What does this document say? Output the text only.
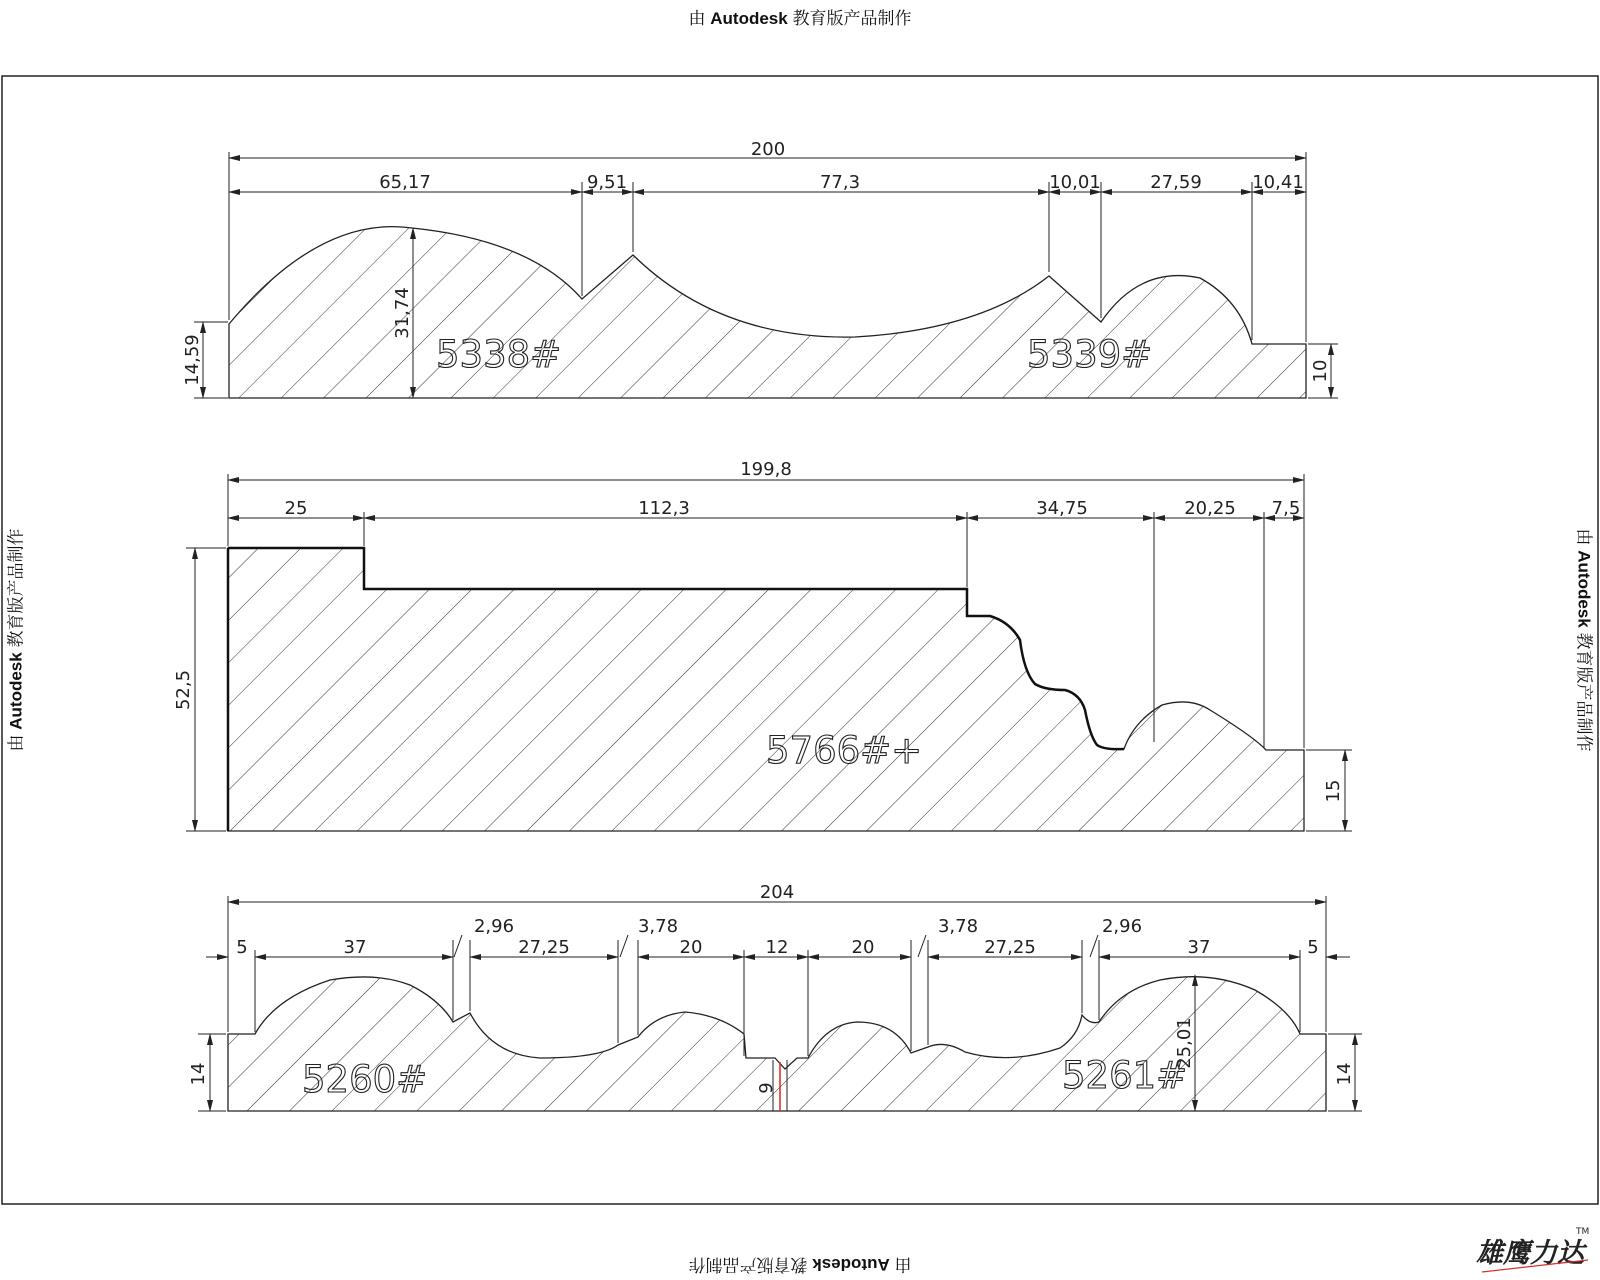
由 Autodesk 教育版产品制作
由 Autodesk 教育版产品制作
由 Autodesk 教育版产品制作	由 Autodesk 教育版产品制作
200
65,17	9,51	77,3	10,01	27,59	10,41
14,59
31,74
10
5338#	5339#
199,8
25	112,3	34,75	20,25 7,5
52,5
15
5766#+
204
5	37
2,96
27,25
3,78
20	12	20
3,78
27,25
2,96
37	5
14
25,01
9
14
5260#	5261#
雄鹰力达
TM
